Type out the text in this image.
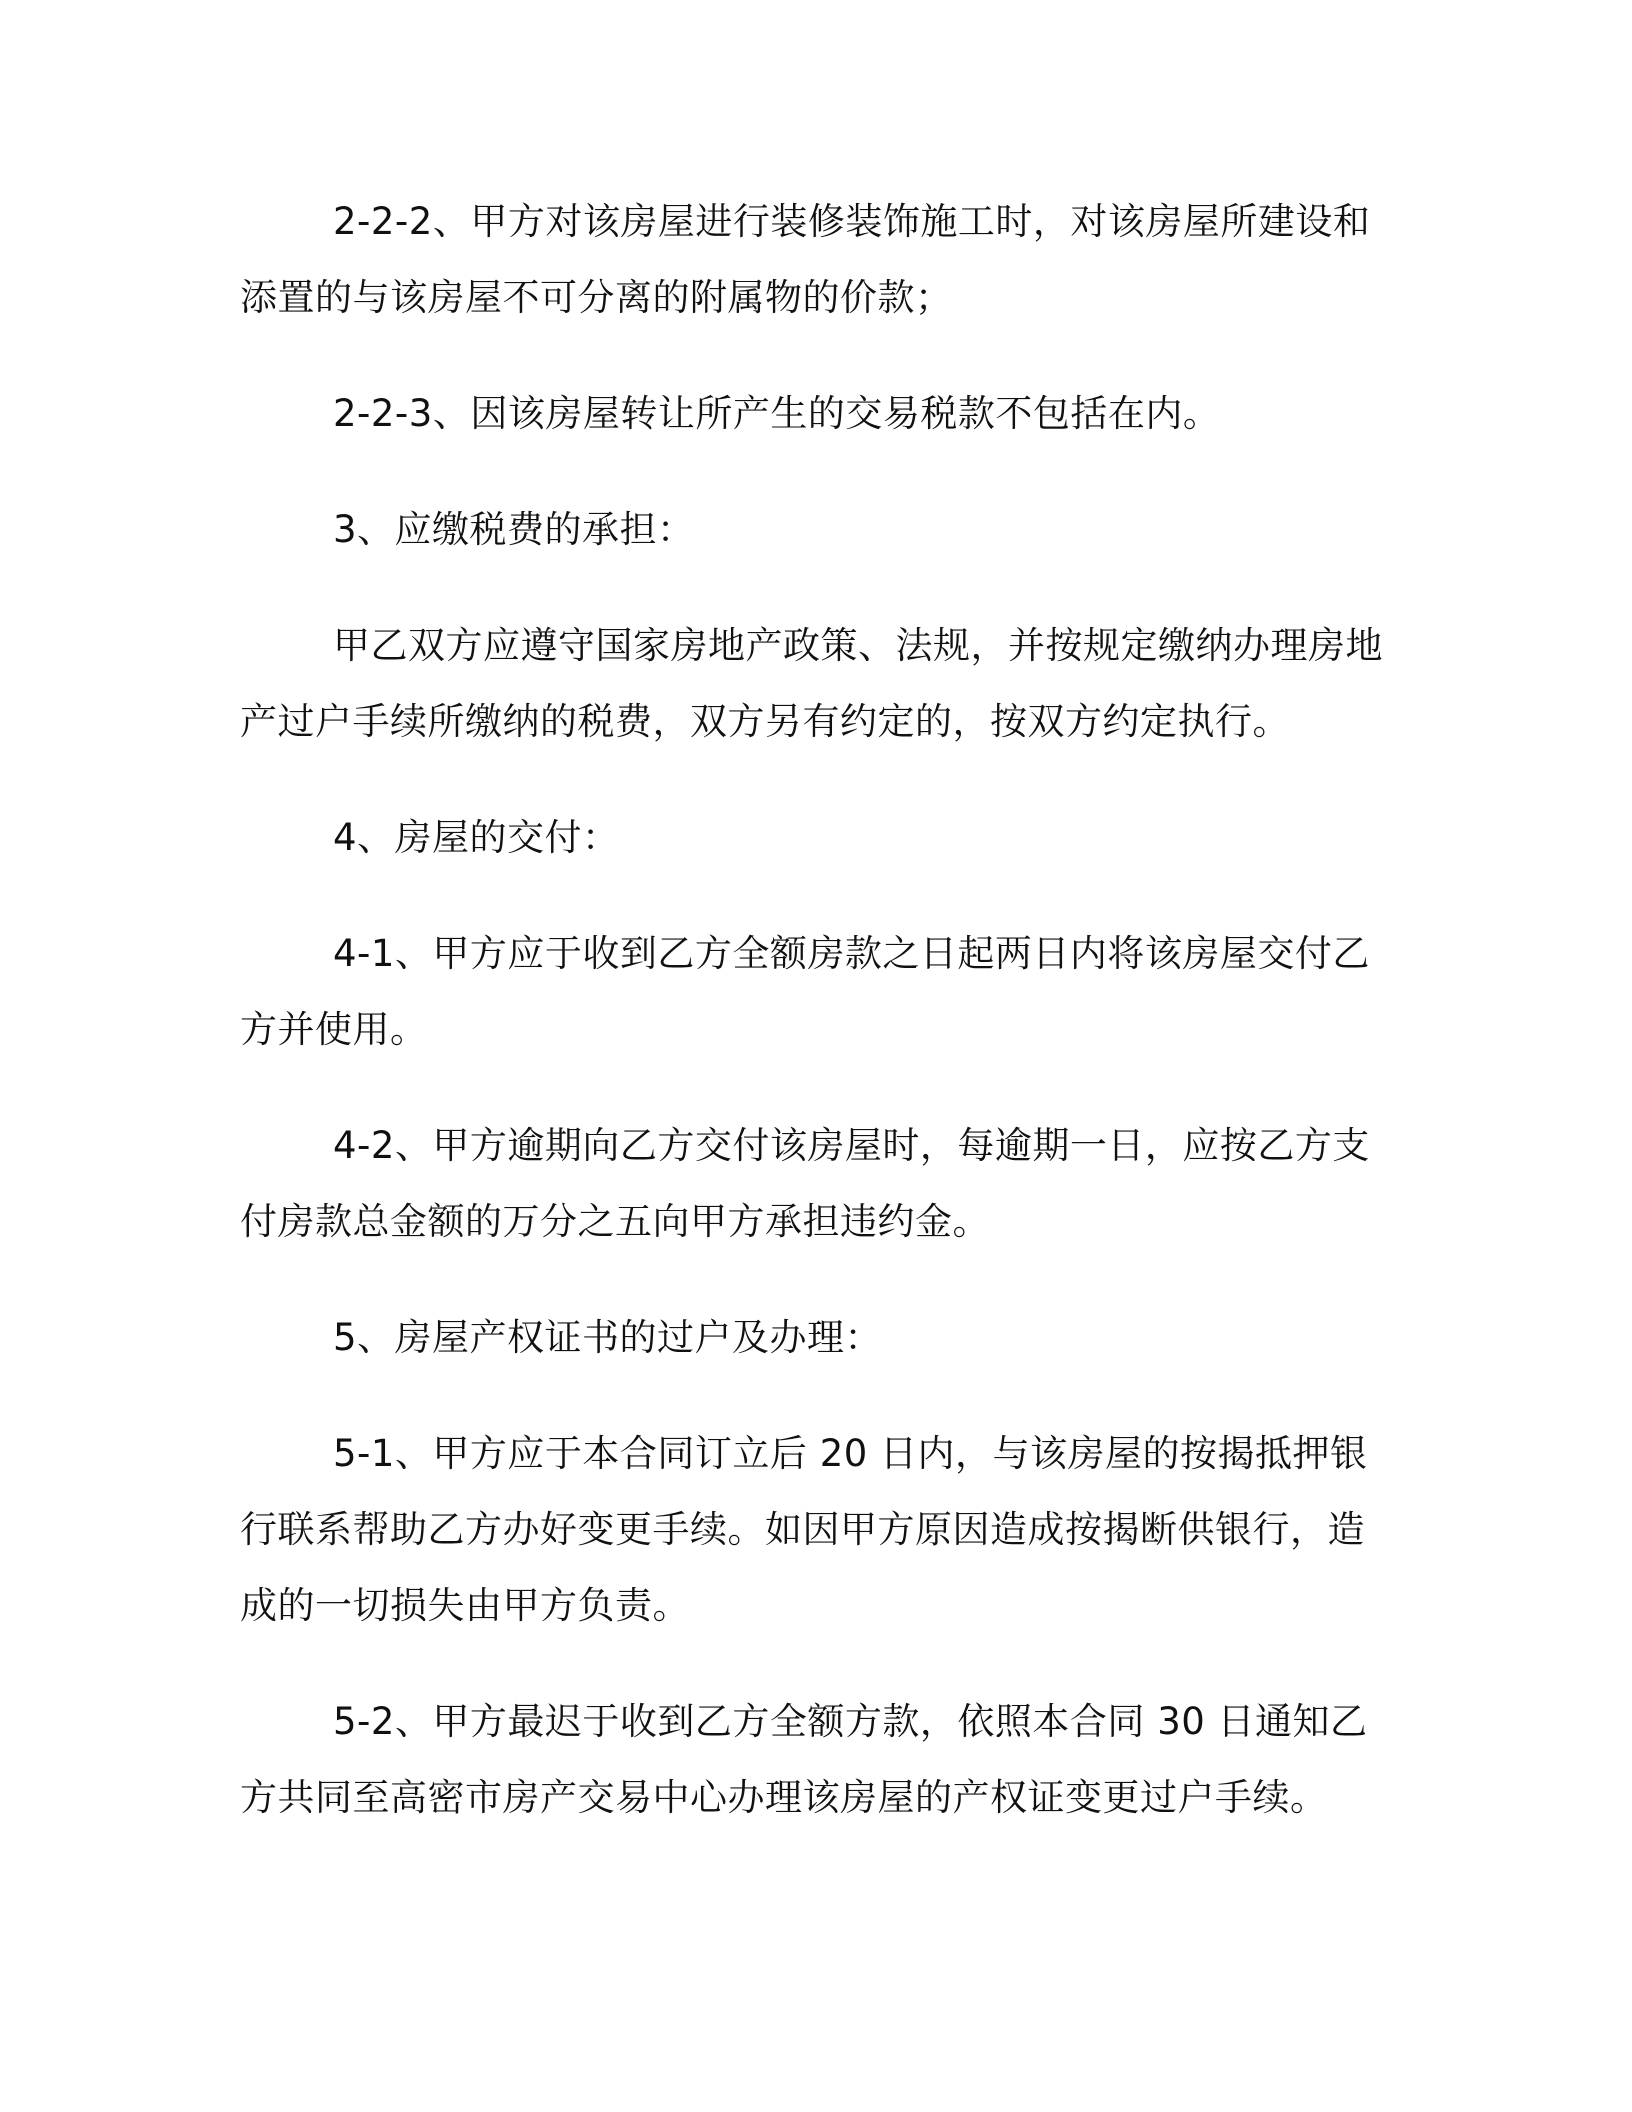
2-2-2、甲方对该房屋进行装修装饰施工时，对该房屋所建设和添置的与该房屋不可分离的附属物的价款；

2-2-3、因该房屋转让所产生的交易税款不包括在内。

3、应缴税费的承担：

甲乙双方应遵守国家房地产政策、法规，并按规定缴纳办理房地产过户手续所缴纳的税费，双方另有约定的，按双方约定执行。

4、房屋的交付：

4-1、甲方应于收到乙方全额房款之日起两日内将该房屋交付乙方并使用。

4-2、甲方逾期向乙方交付该房屋时，每逾期一日，应按乙方支付房款总金额的万分之五向甲方承担违约金。

5、房屋产权证书的过户及办理：

5-1、甲方应于本合同订立后 20 日内，与该房屋的按揭抵押银行联系帮助乙方办好变更手续。如因甲方原因造成按揭断供银行，造成的一切损失由甲方负责。

5-2、甲方最迟于收到乙方全额方款，依照本合同 30 日通知乙方共同至高密市房产交易中心办理该房屋的产权证变更过户手续。
